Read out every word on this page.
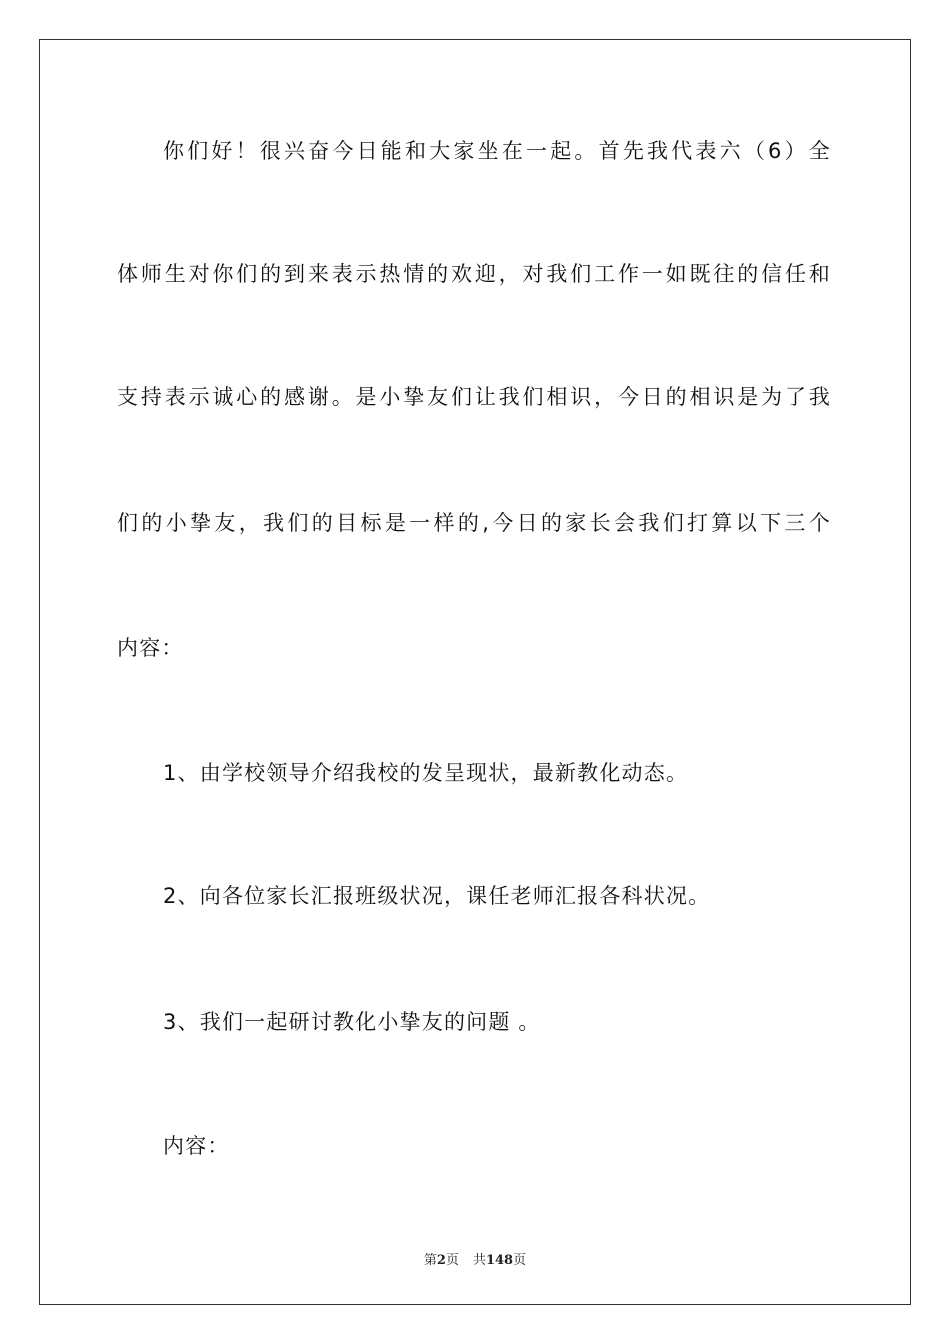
你们好！很兴奋今日能和大家坐在一起。首先我代表六（6）全
体师生对你们的到来表示热情的欢迎，对我们工作一如既往的信任和
支持表示诚心的感谢。是小挚友们让我们相识，今日的相识是为了我
们的小挚友，我们的目标是一样的,今日的家长会我们打算以下三个
内容：
1、由学校领导介绍我校的发呈现状，最新教化动态。
2、向各位家长汇报班级状况，课任老师汇报各科状况。
3、我们一起研讨教化小挚友的问题 。
内容：
第2页 共148页
